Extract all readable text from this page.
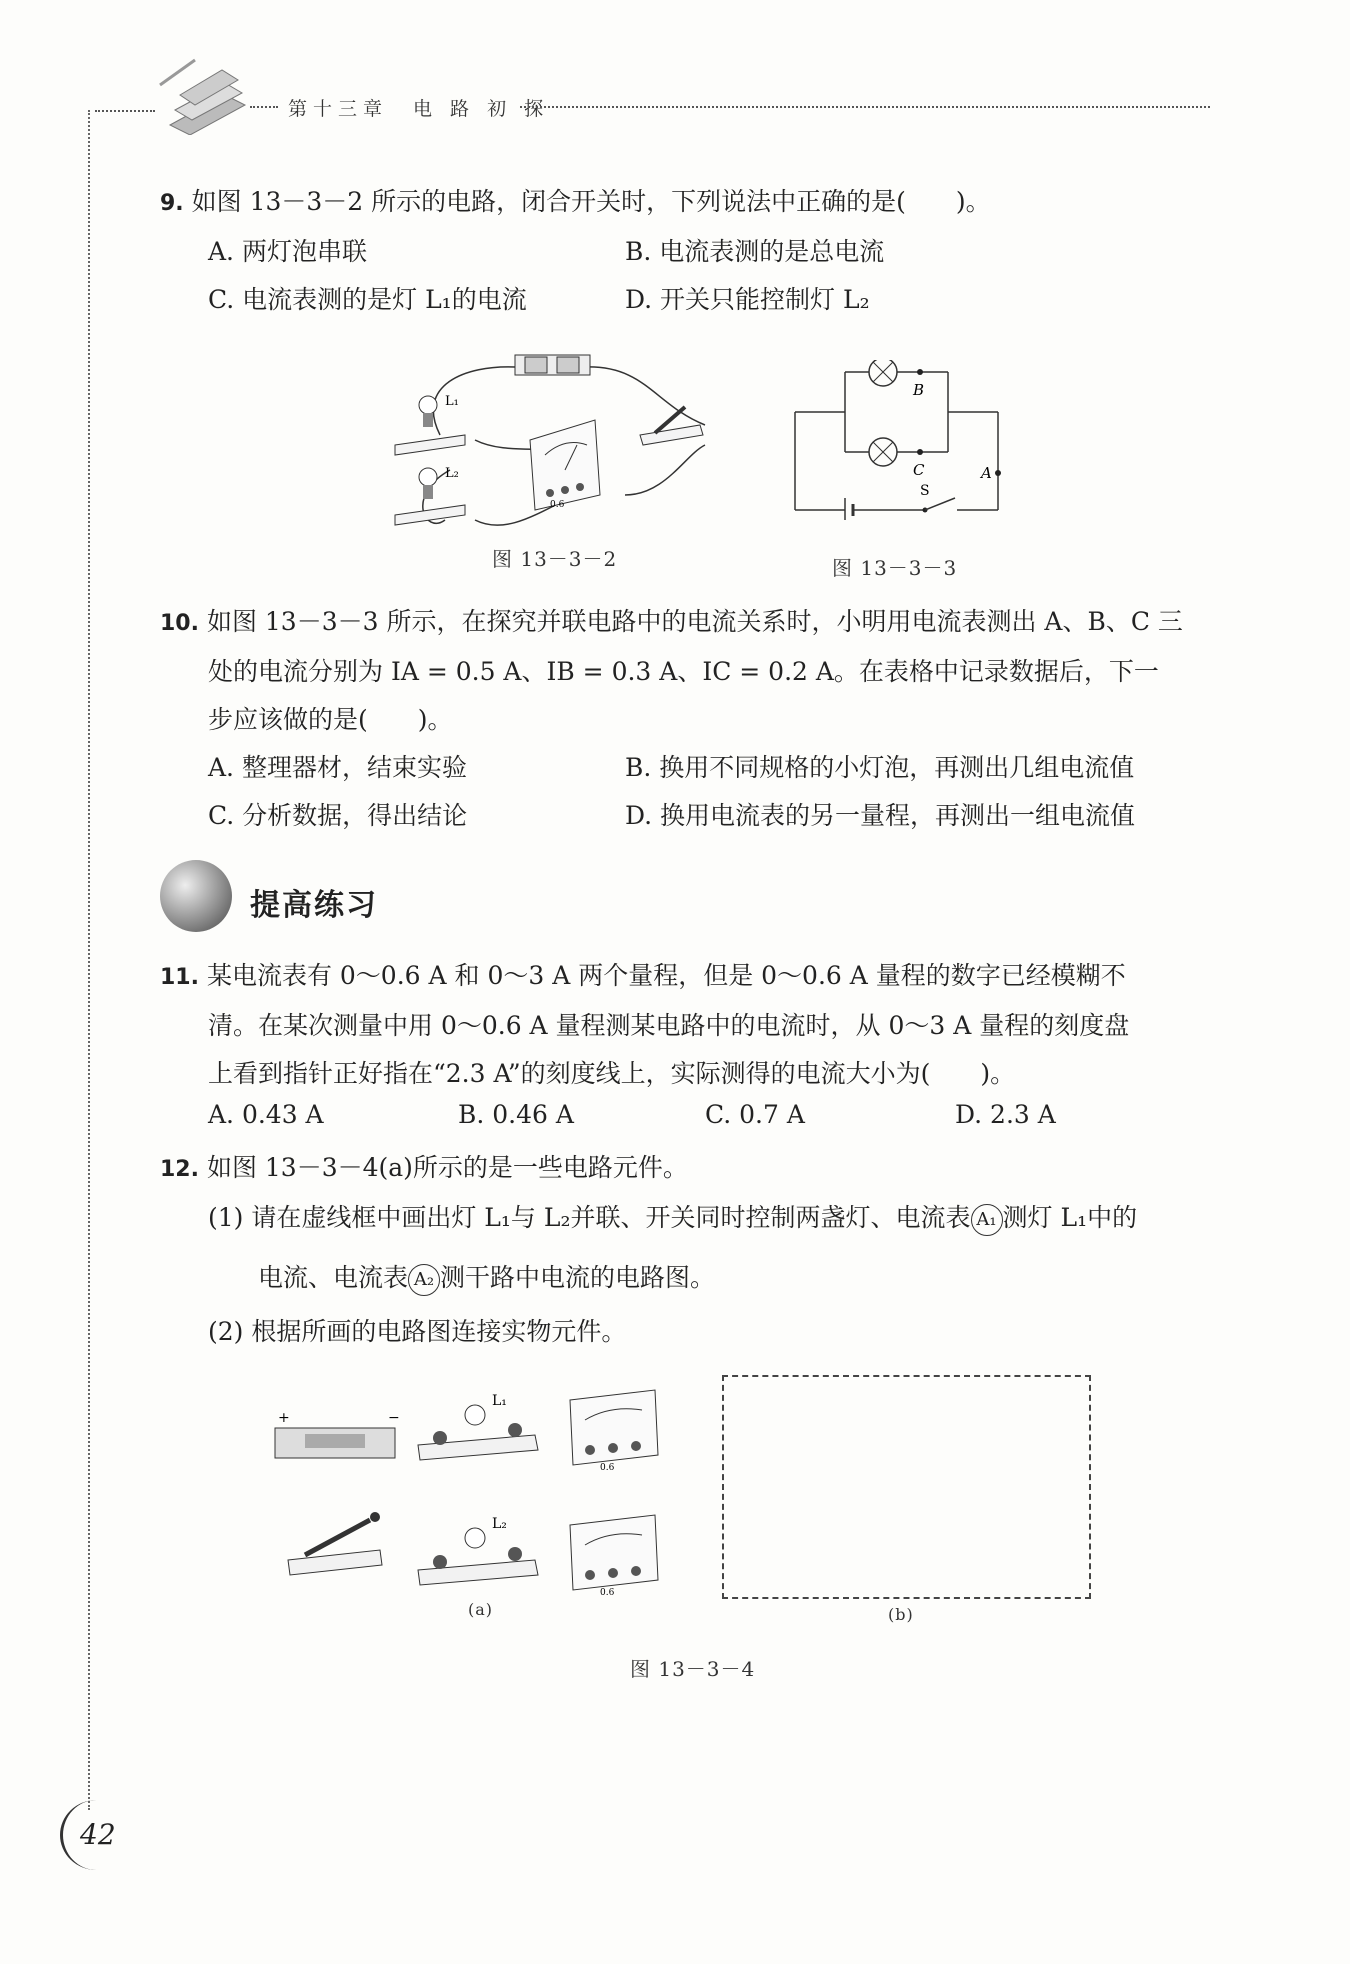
第十三章　电 路 初 探
9. 如图 13－3－2 所示的电路，闭合开关时，下列说法中正确的是(　　)。
A. 两灯泡串联	B. 电流表测的是总电流
C. 电流表测的是灯 L₁的电流	D. 开关只能控制灯 L₂
L₁
L₂
0.6
图 13－3－2
B
C	A
S
图 13－3－3
10. 如图 13－3－3 所示，在探究并联电路中的电流关系时，小明用电流表测出 A、B、C 三
处的电流分别为 IA = 0.5 A、IB = 0.3 A、IC = 0.2 A。在表格中记录数据后，下一
步应该做的是(　　)。
A. 整理器材，结束实验	B. 换用不同规格的小灯泡，再测出几组电流值
C. 分析数据，得出结论	D. 换用电流表的另一量程，再测出一组电流值
提高练习
11. 某电流表有 0～0.6 A 和 0～3 A 两个量程，但是 0～0.6 A 量程的数字已经模糊不
清。在某次测量中用 0～0.6 A 量程测某电路中的电流时，从 0～3 A 量程的刻度盘
上看到指针正好指在“2.3 A”的刻度线上，实际测得的电流大小为(　　)。
A. 0.43 A	B. 0.46 A	C. 0.7 A	D. 2.3 A
12. 如图 13－3－4(a)所示的是一些电路元件。
(1) 请在虚线框中画出灯 L₁与 L₂并联、开关同时控制两盏灯、电流表 A₁ 测灯 L₁中的
电流、电流表 A₂ 测干路中电流的电路图。
(2) 根据所画的电路图连接实物元件。
+	−
L₁
0.6
L₂
0.6
(a)	(b)
图 13－3－4
42
